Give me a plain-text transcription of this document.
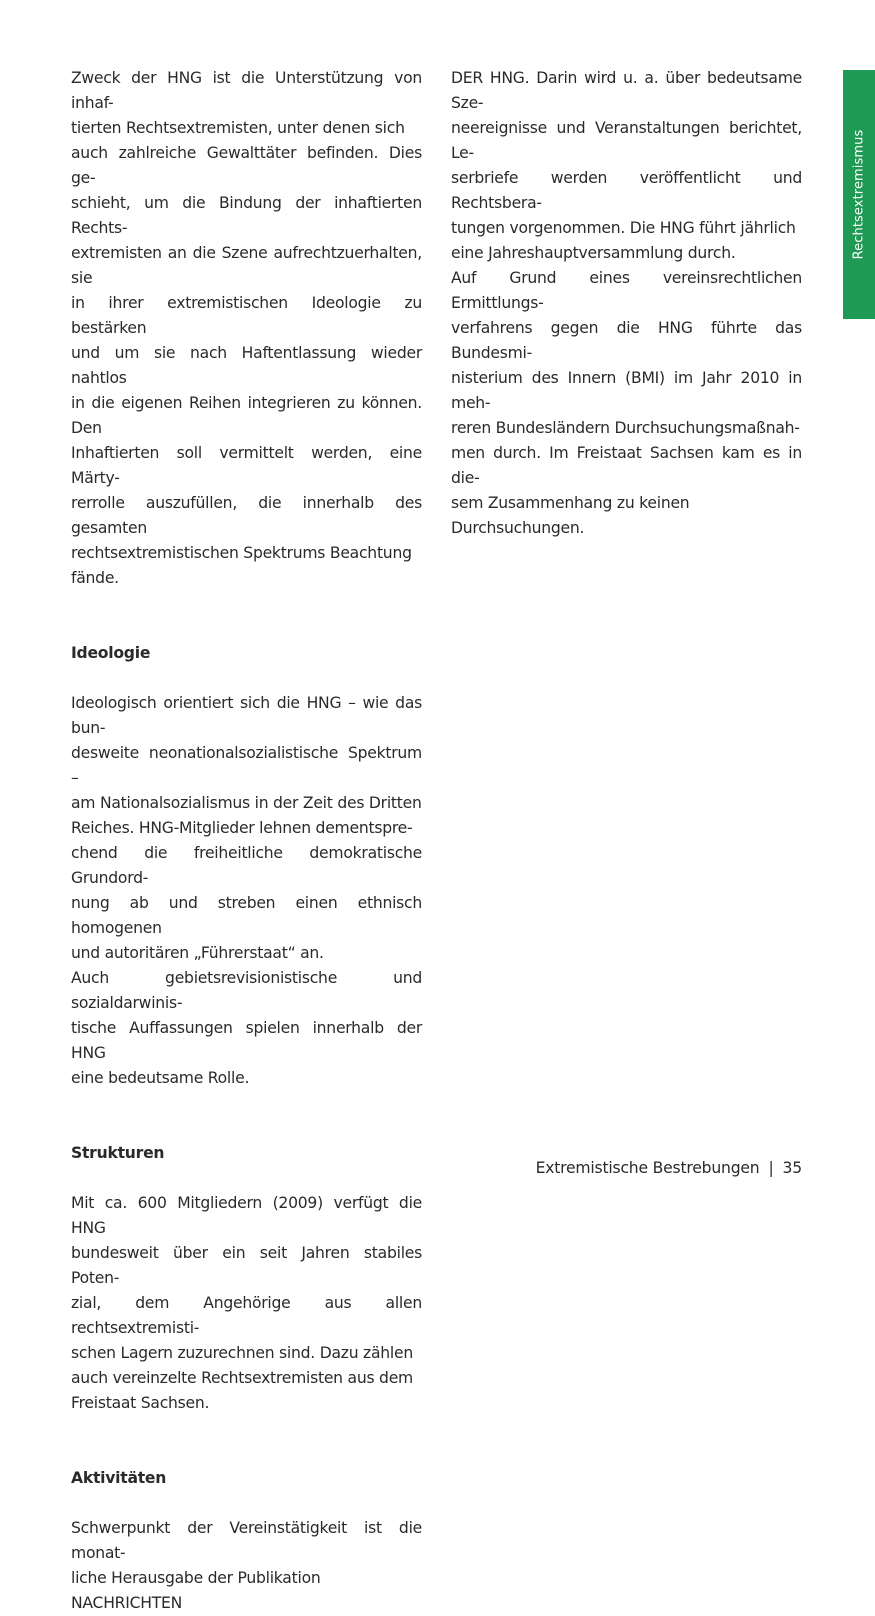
Rechtsextremismus

Zweck der HNG ist die Unterstützung von inhaf-

tierten Rechtsextremisten, unter denen sich

auch zahlreiche Gewalttäter befinden. Dies ge-

schieht, um die Bindung der inhaftierten Rechts-

extremisten an die Szene aufrechtzuerhalten, sie

in ihrer extremistischen Ideologie zu bestärken

und um sie nach Haftentlassung wieder nahtlos

in die eigenen Reihen integrieren zu können. Den

Inhaftierten soll vermittelt werden, eine Märty-

rerrolle auszufüllen, die innerhalb des gesamten

rechtsextremistischen Spektrums Beachtung

fände.

Ideologie

Ideologisch orientiert sich die HNG – wie das bun-

desweite neonationalsozialistische Spektrum –

am Nationalsozialismus in der Zeit des Dritten

Reiches. HNG-Mitglieder lehnen dementspre-

chend die freiheitliche demokratische Grundord-

nung ab und streben einen ethnisch homogenen

und autoritären „Führerstaat“ an.

Auch gebietsrevisionistische und sozialdarwinis-

tische Auffassungen spielen innerhalb der HNG

eine bedeutsame Rolle.

Strukturen

Mit ca. 600 Mitgliedern (2009) verfügt die HNG

bundesweit über ein seit Jahren stabiles Poten-

zial, dem Angehörige aus allen rechtsextremisti-

schen Lagern zuzurechnen sind. Dazu zählen

auch vereinzelte Rechtsextremisten aus dem

Freistaat Sachsen.

Aktivitäten

Schwerpunkt der Vereinstätigkeit ist die monat-

liche Herausgabe der Publikation NACHRICHTEN

DER HNG. Darin wird u. a. über bedeutsame Sze-

neereignisse und Veranstaltungen berichtet, Le-

serbriefe werden veröffentlicht und Rechtsbera-

tungen vorgenommen. Die HNG führt jährlich

eine Jahreshauptversammlung durch.

Auf Grund eines vereinsrechtlichen Ermittlungs-

verfahrens gegen die HNG führte das Bundesmi-

nisterium des Innern (BMI) im Jahr 2010 in meh-

reren Bundesländern Durchsuchungsmaßnah-

men durch. Im Freistaat Sachsen kam es in die-

sem Zusammenhang zu keinen Durchsuchungen.

Extremistische Bestrebungen | 35
